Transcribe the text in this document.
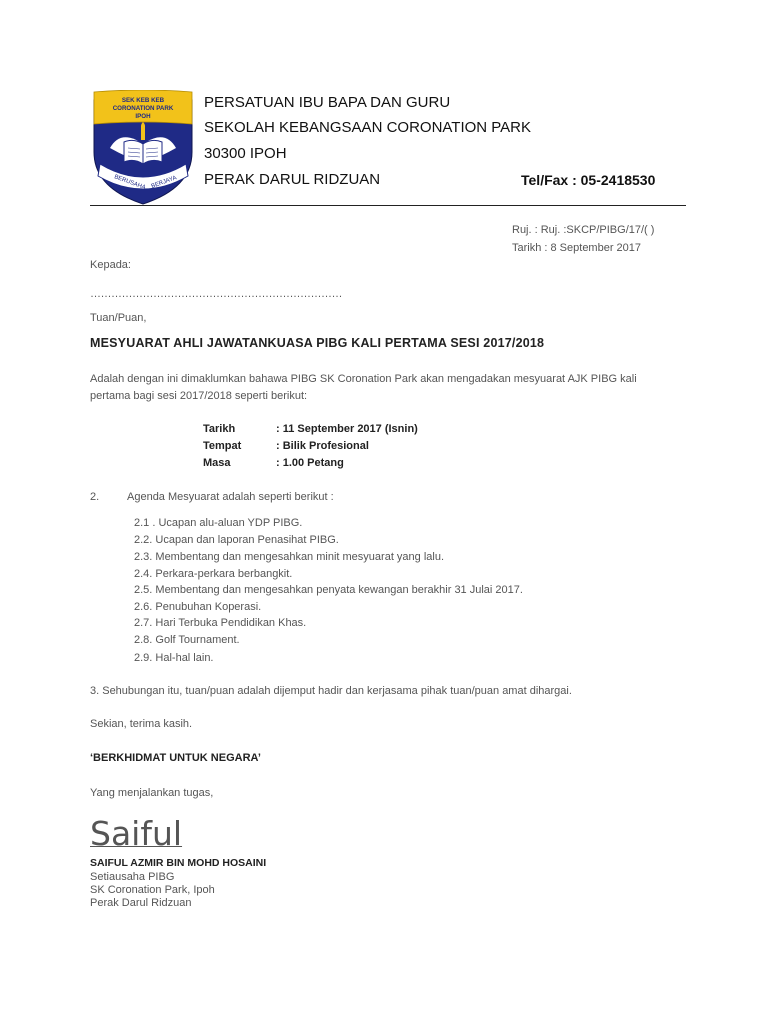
SEK KEB KEB
CORONATION PARK
IPOH
BERUSAHA BERJAYA
PERSATUAN IBU BAPA DAN GURU
SEKOLAH KEBANGSAAN CORONATION PARK
30300 IPOH
PERAK DARUL RIDZUAN	Tel/Fax : 05-2418530
Ruj. : Ruj. :SKCP/PIBG/17/( )
Tarikh : 8 September 2017
Kepada:
………………………………………………………………
Tuan/Puan,
MESYUARAT AHLI JAWATANKUASA PIBG KALI PERTAMA SESI 2017/2018

Adalah dengan ini dimaklumkan bahawa PIBG SK Coronation Park akan mengadakan mesyuarat AJK PIBG kali

pertama bagi sesi 2017/2018 seperti berikut:

Tarikh	: 11 September 2017 (Isnin)
Tempat	: Bilik Profesional
Masa	: 1.00 Petang
2.	Agenda Mesyuarat adalah seperti berikut :
2.1 . Ucapan alu-aluan YDP PIBG.
2.2. Ucapan dan laporan Penasihat PIBG.
2.3. Membentang dan mengesahkan minit mesyuarat yang lalu.
2.4. Perkara-perkara berbangkit.
2.5. Membentang dan mengesahkan penyata kewangan berakhir 31 Julai 2017.
2.6. Penubuhan Koperasi.
2.7. Hari Terbuka Pendidikan Khas.
2.8. Golf Tournament.
2.9. Hal-hal lain.
3. Sehubungan itu, tuan/puan adalah dijemput hadir dan kerjasama pihak tuan/puan amat dihargai.
Sekian, terima kasih.
‘BERKHIDMAT UNTUK NEGARA’
Yang menjalankan tugas,
Saiful
SAIFUL AZMIR BIN MOHD HOSAINI
Setiausaha PIBG
SK Coronation Park, Ipoh
Perak Darul Ridzuan
